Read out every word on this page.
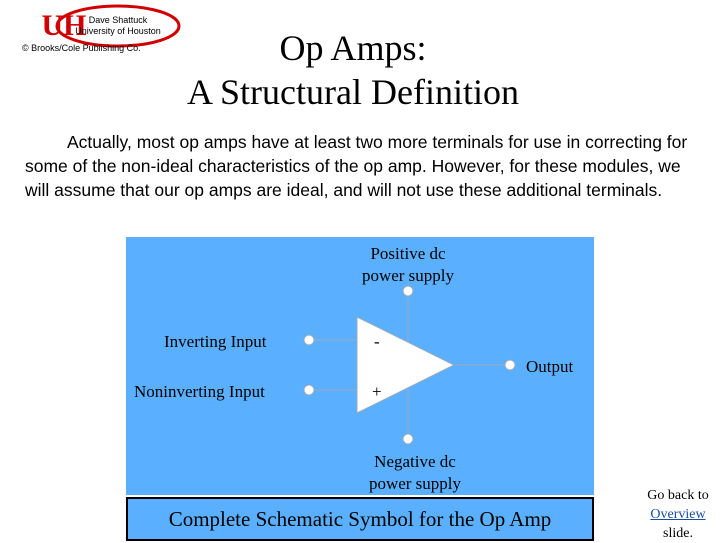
UH Dave Shattuck
University of Houston
© Brooks/Cole Publishing Co.	Op Amps:
A Structural Definition

Actually, most op amps have at least two more terminals for use in correcting for some of the non-ideal characteristics of the op amp. However, for these modules, we will assume that our op amps are ideal, and will not use these additional terminals.

Positive dc
power supply
Inverting Input
Noninverting Input
-
+
Output
Negative dc
power supply
Complete Schematic Symbol for the Op Amp
Go back to
Overview
slide.
